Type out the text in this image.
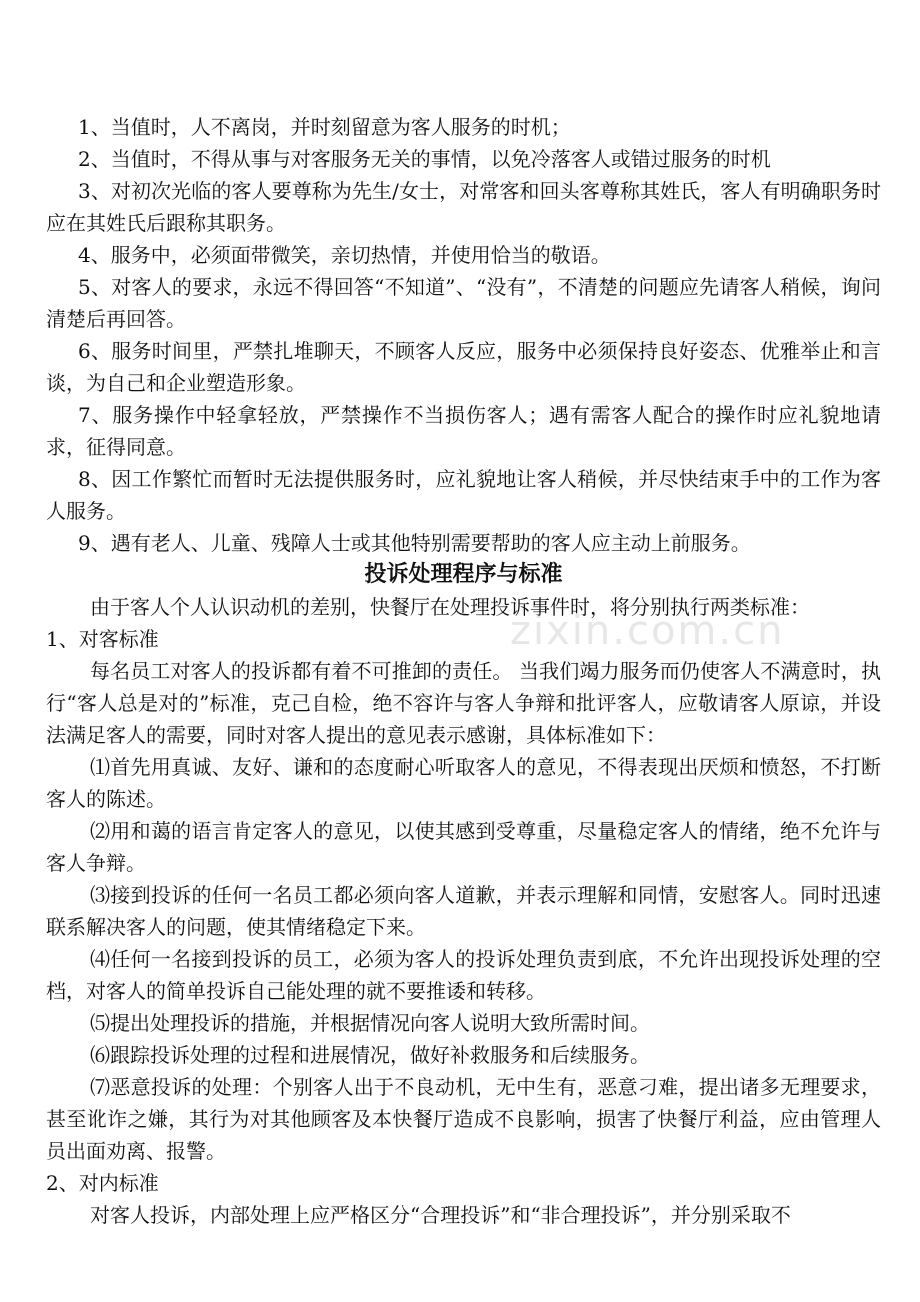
1、当值时，人不离岗，并时刻留意为客人服务的时机；

2、当值时，不得从事与对客服务无关的事情，以免冷落客人或错过服务的时机

3、对初次光临的客人要尊称为先生/女士，对常客和回头客尊称其姓氏，客人有明确职务时应在其姓氏后跟称其职务。

4、服务中，必须面带微笑，亲切热情，并使用恰当的敬语。

5、对客人的要求，永远不得回答“不知道”、“没有”，不清楚的问题应先请客人稍候，询问清楚后再回答。

6、服务时间里，严禁扎堆聊天，不顾客人反应，服务中必须保持良好姿态、优雅举止和言谈，为自己和企业塑造形象。

7、服务操作中轻拿轻放，严禁操作不当损伤客人；遇有需客人配合的操作时应礼貌地请求，征得同意。

8、因工作繁忙而暂时无法提供服务时，应礼貌地让客人稍候，并尽快结束手中的工作为客人服务。

9、遇有老人、儿童、残障人士或其他特别需要帮助的客人应主动上前服务。

投诉处理程序与标准

由于客人个人认识动机的差别，快餐厅在处理投诉事件时，将分别执行两类标准：

1、对客标准

每名员工对客人的投诉都有着不可推卸的责任。 当我们竭力服务而仍使客人不满意时，执行“客人总是对的”标准，克己自检，绝不容许与客人争辩和批评客人，应敬请客人原谅，并设法满足客人的需要，同时对客人提出的意见表示感谢，具体标准如下：

⑴首先用真诚、友好、谦和的态度耐心听取客人的意见，不得表现出厌烦和愤怒，不打断客人的陈述。

⑵用和蔼的语言肯定客人的意见，以使其感到受尊重，尽量稳定客人的情绪，绝不允许与客人争辩。

⑶接到投诉的任何一名员工都必须向客人道歉，并表示理解和同情，安慰客人。同时迅速联系解决客人的问题，使其情绪稳定下来。

⑷任何一名接到投诉的员工，必须为客人的投诉处理负责到底，不允许出现投诉处理的空档，对客人的简单投诉自己能处理的就不要推诿和转移。

⑸提出处理投诉的措施，并根据情况向客人说明大致所需时间。

⑹跟踪投诉处理的过程和进展情况，做好补救服务和后续服务。

⑺恶意投诉的处理：个别客人出于不良动机，无中生有，恶意刁难，提出诸多无理要求，甚至讹诈之嫌，其行为对其他顾客及本快餐厅造成不良影响，损害了快餐厅利益，应由管理人员出面劝离、报警。

2、对内标准

对客人投诉，内部处理上应严格区分“合理投诉”和“非合理投诉”，并分别采取不

zixin.com.cn
